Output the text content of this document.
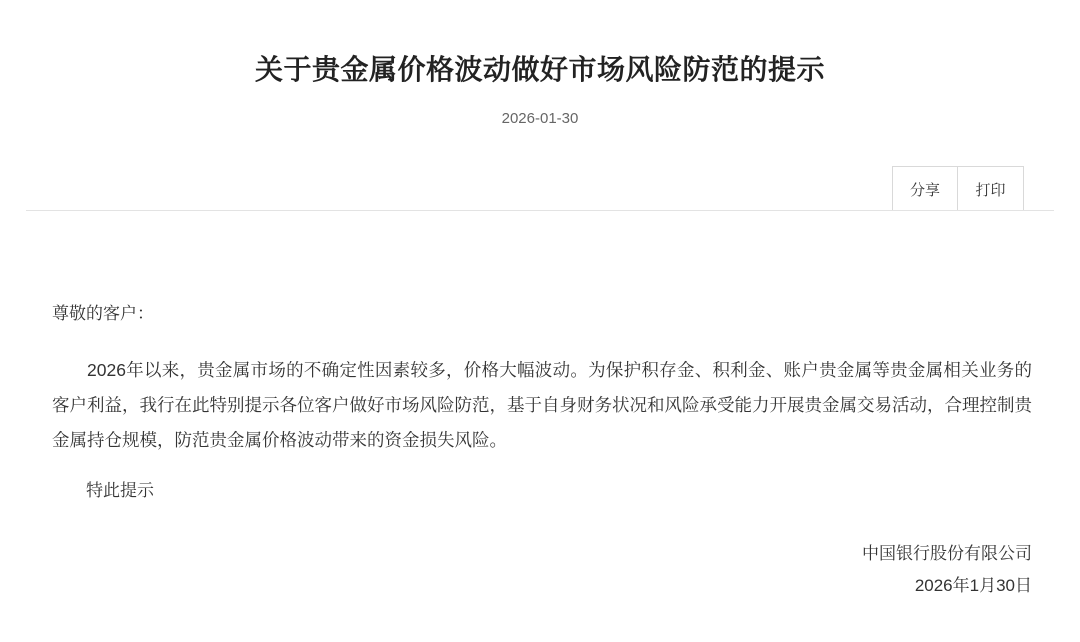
关于贵金属价格波动做好市场风险防范的提示
2026-01-30
分享	打印

尊敬的客户：

2026年以来，贵金属市场的不确定性因素较多，价格大幅波动。为保护积存金、积利金、账户贵金属等贵金属相关业务的客户利益，我行在此特别提示各位客户做好市场风险防范，基于自身财务状况和风险承受能力开展贵金属交易活动，合理控制贵金属持仓规模，防范贵金属价格波动带来的资金损失风险。

特此提示

中国银行股份有限公司

2026年1月30日
